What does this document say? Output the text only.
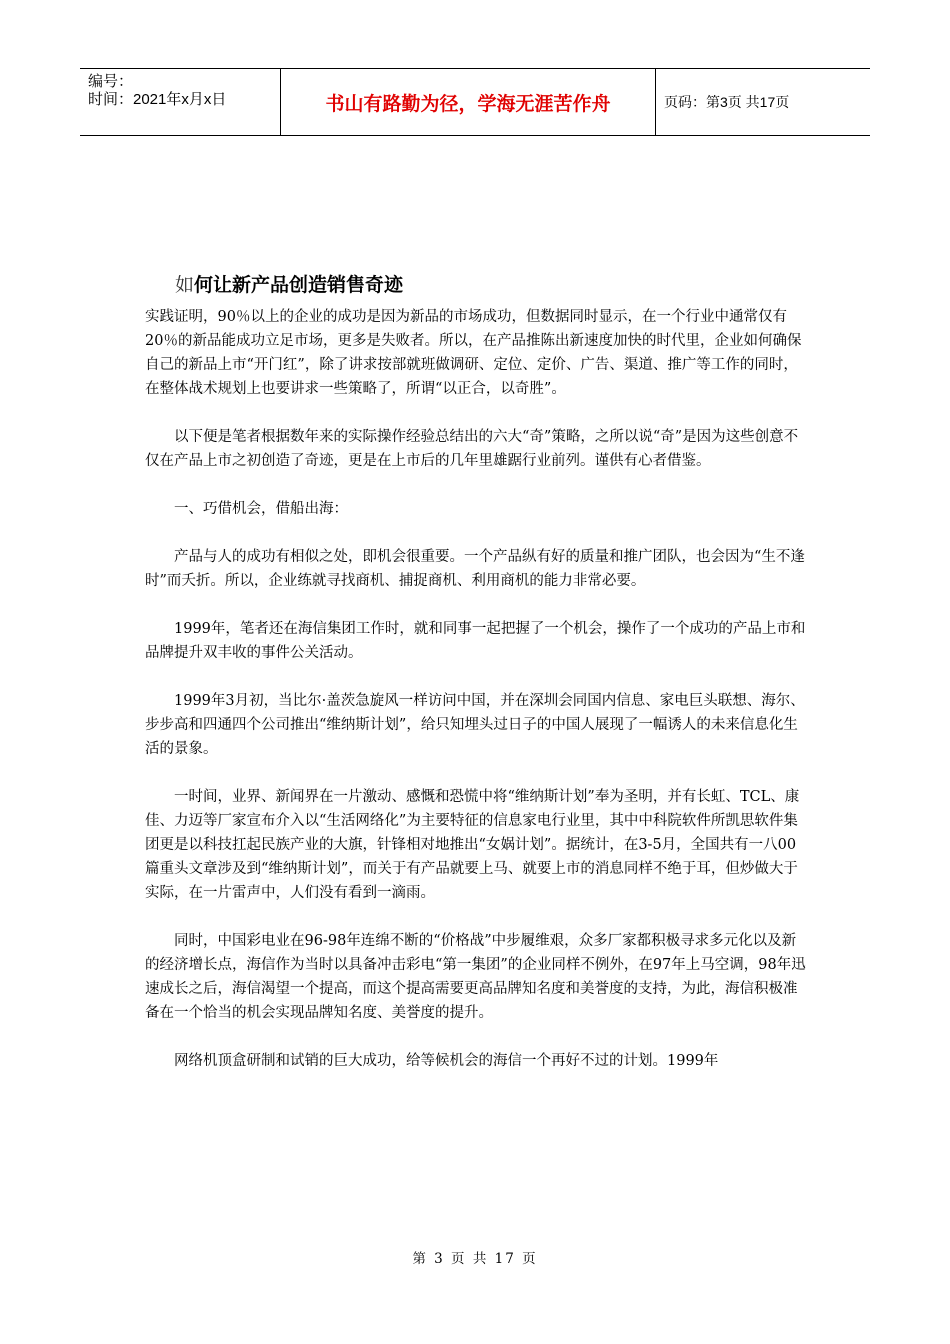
编号：
时间：2021年x月x日	书山有路勤为径，学海无涯苦作舟	页码：第3页 共17页
如何让新产品创造销售奇迹

实践证明，90％以上的企业的成功是因为新品的市场成功，但数据同时显示，在一个行业中通常仅有20％的新品能成功立足市场，更多是失败者。所以，在产品推陈出新速度加快的时代里，企业如何确保自己的新品上市“开门红”，除了讲求按部就班做调研、定位、定价、广告、渠道、推广等工作的同时，在整体战术规划上也要讲求一些策略了，所谓“以正合，以奇胜”。

以下便是笔者根据数年来的实际操作经验总结出的六大“奇”策略，之所以说“奇”是因为这些创意不仅在产品上市之初创造了奇迹，更是在上市后的几年里雄踞行业前列。谨供有心者借鉴。

一、巧借机会，借船出海：

产品与人的成功有相似之处，即机会很重要。一个产品纵有好的质量和推广团队，也会因为“生不逢时”而夭折。所以，企业练就寻找商机、捕捉商机、利用商机的能力非常必要。

1999年，笔者还在海信集团工作时，就和同事一起把握了一个机会，操作了一个成功的产品上市和品牌提升双丰收的事件公关活动。

1999年3月初，当比尔·盖茨急旋风一样访问中国，并在深圳会同国内信息、家电巨头联想、海尔、步步高和四通四个公司推出“维纳斯计划”，给只知埋头过日子的中国人展现了一幅诱人的未来信息化生活的景象。

一时间，业界、新闻界在一片激动、感慨和恐慌中将“维纳斯计划”奉为圣明，并有长虹、TCL、康佳、力迈等厂家宣布介入以“生活网络化”为主要特征的信息家电行业里，其中中科院软件所凯思软件集团更是以科技扛起民族产业的大旗，针锋相对地推出“女娲计划”。据统计，在3-5月，全国共有一八00篇重头文章涉及到“维纳斯计划”，而关于有产品就要上马、就要上市的消息同样不绝于耳，但炒做大于实际，在一片雷声中，人们没有看到一滴雨。

同时，中国彩电业在96-98年连绵不断的“价格战”中步履维艰，众多厂家都积极寻求多元化以及新的经济增长点，海信作为当时以具备冲击彩电“第一集团”的企业同样不例外，在97年上马空调，98年迅速成长之后，海信渴望一个提高，而这个提高需要更高品牌知名度和美誉度的支持，为此，海信积极准备在一个恰当的机会实现品牌知名度、美誉度的提升。

网络机顶盒研制和试销的巨大成功，给等候机会的海信一个再好不过的计划。1999年

第 3 页 共 17 页
